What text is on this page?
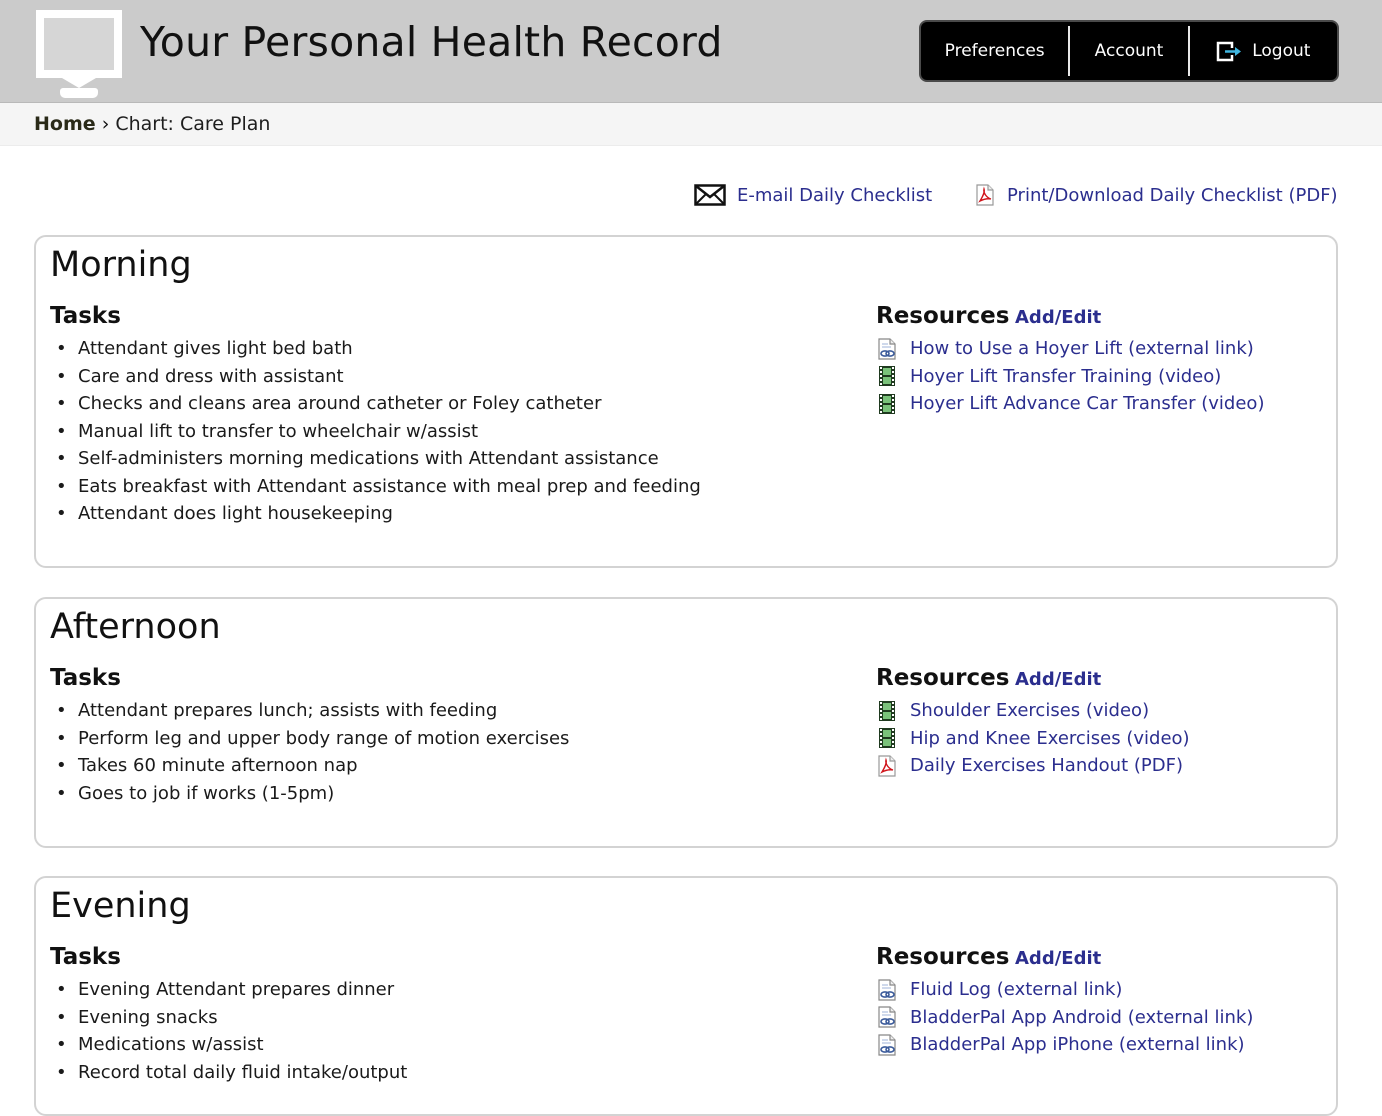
Your Personal Health Record	Preferences	Account	Logout
Home › Chart: Care Plan
E-mail Daily Checklist	Print/Download Daily Checklist (PDF)
Morning
Tasks
• Attendant gives light bed bath
• Care and dress with assistant
• Checks and cleans area around catheter or Foley catheter
• Manual lift to transfer to wheelchair w/assist
• Self-administers morning medications with Attendant assistance
• Eats breakfast with Attendant assistance with meal prep and feeding
• Attendant does light housekeeping
Resources Add/Edit
How to Use a Hoyer Lift (external link)
Hoyer Lift Transfer Training (video)
Hoyer Lift Advance Car Transfer (video)
Afternoon
Tasks
• Attendant prepares lunch; assists with feeding
• Perform leg and upper body range of motion exercises
• Takes 60 minute afternoon nap
• Goes to job if works (1-5pm)
Resources Add/Edit
Shoulder Exercises (video)
Hip and Knee Exercises (video)
Daily Exercises Handout (PDF)
Evening
Tasks
• Evening Attendant prepares dinner
• Evening snacks
• Medications w/assist
• Record total daily fluid intake/output
Resources Add/Edit
Fluid Log (external link)
BladderPal App Android (external link)
BladderPal App iPhone (external link)
